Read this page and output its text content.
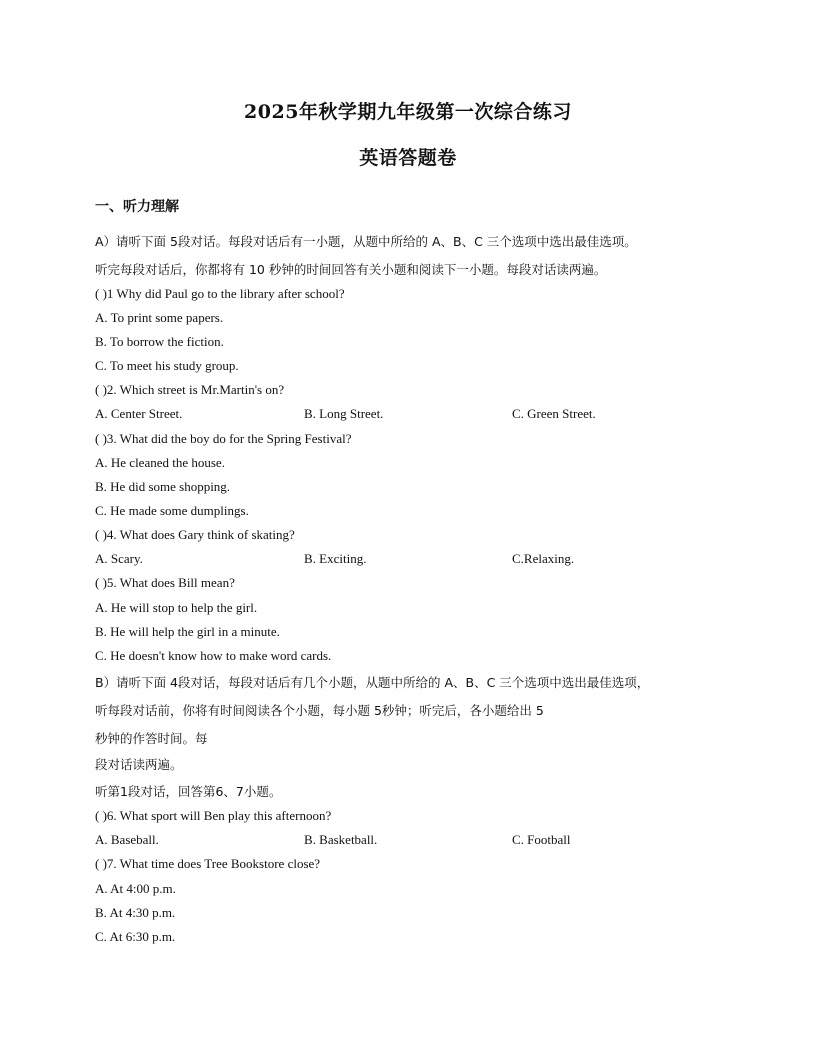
2025年秋学期九年级第一次综合练习
英语答题卷
一、听力理解
A）请听下面 5段对话。每段对话后有一小题，从题中所给的 A、B、C 三个选项中选出最佳选项。
听完每段对话后，你都将有 10 秒钟的时间回答有关小题和阅读下一小题。每段对话读两遍。
( )1 Why did Paul go to the library after school?
A. To print some papers.
B. To borrow the fiction.
C. To meet his study group.
( )2. Which street is Mr.Martin's on?
A. Center Street.	B. Long Street.	C. Green Street.
( )3. What did the boy do for the Spring Festival?
A. He cleaned the house.
B. He did some shopping.
C. He made some dumplings.
( )4. What does Gary think of skating?
A. Scary.	B. Exciting.	C.Relaxing.
( )5. What does Bill mean?
A. He will stop to help the girl.
B. He will help the girl in a minute.
C. He doesn't know how to make word cards.
B）请听下面 4段对话，每段对话后有几个小题，从题中所给的 A、B、C 三个选项中选出最佳选项，
听每段对话前，你将有时间阅读各个小题，每小题 5秒钟；听完后，各小题给出 5
秒钟的作答时间。每
段对话读两遍。
听第1段对话，回答第6、7小题。
( )6. What sport will Ben play this afternoon?
A. Baseball.	B. Basketball.	C. Football
( )7. What time does Tree Bookstore close?
A. At 4:00 p.m.
B. At 4:30 p.m.
C. At 6:30 p.m.
